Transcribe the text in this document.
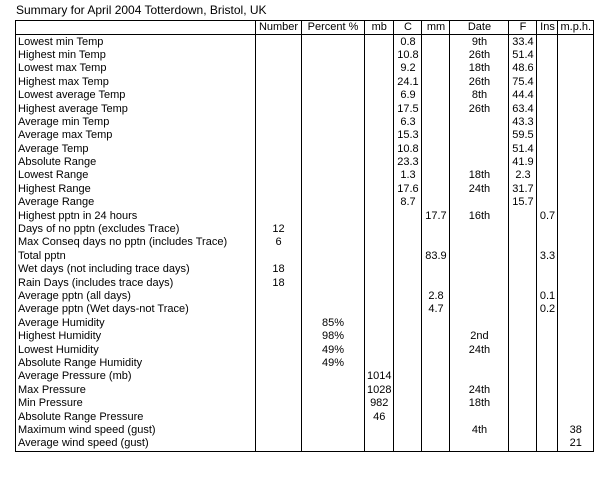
Summary for April 2004 Totterdown, Bristol, UK
	Number	Percent %	mb	C	mm	Date	F	Ins	m.p.h.
Lowest min Temp				0.8		9th	33.4		
Highest min Temp				10.8		26th	51.4		
Lowest max Temp				9.2		18th	48.6		
Highest max Temp				24.1		26th	75.4		
Lowest average Temp				6.9		8th	44.4		
Highest average Temp				17.5		26th	63.4		
Average min Temp				6.3			43.3		
Average max Temp				15.3			59.5		
Average Temp				10.8			51.4		
Absolute Range				23.3			41.9		
Lowest Range				1.3		18th	2.3		
Highest Range				17.6		24th	31.7		
Average Range				8.7			15.7		
Highest pptn in 24 hours					17.7	16th		0.7	
Days of no pptn (excludes Trace)	12								
Max Conseq days no pptn (includes Trace)	6								
Total pptn					83.9			3.3	
Wet days (not including trace days)	18								
Rain Days (includes trace days)	18								
Average pptn (all days)					2.8			0.1	
Average pptn (Wet days-not Trace)					4.7			0.2	
Average Humidity		85%							
Highest Humidity		98%				2nd			
Lowest Humidity		49%				24th			
Absolute Range Humidity		49%							
Average Pressure (mb)			1014						
Max Pressure			1028			24th			
Min Pressure			982			18th			
Absolute Range Pressure			46						
Maximum wind speed (gust)						4th			38
Average wind speed (gust)									21
